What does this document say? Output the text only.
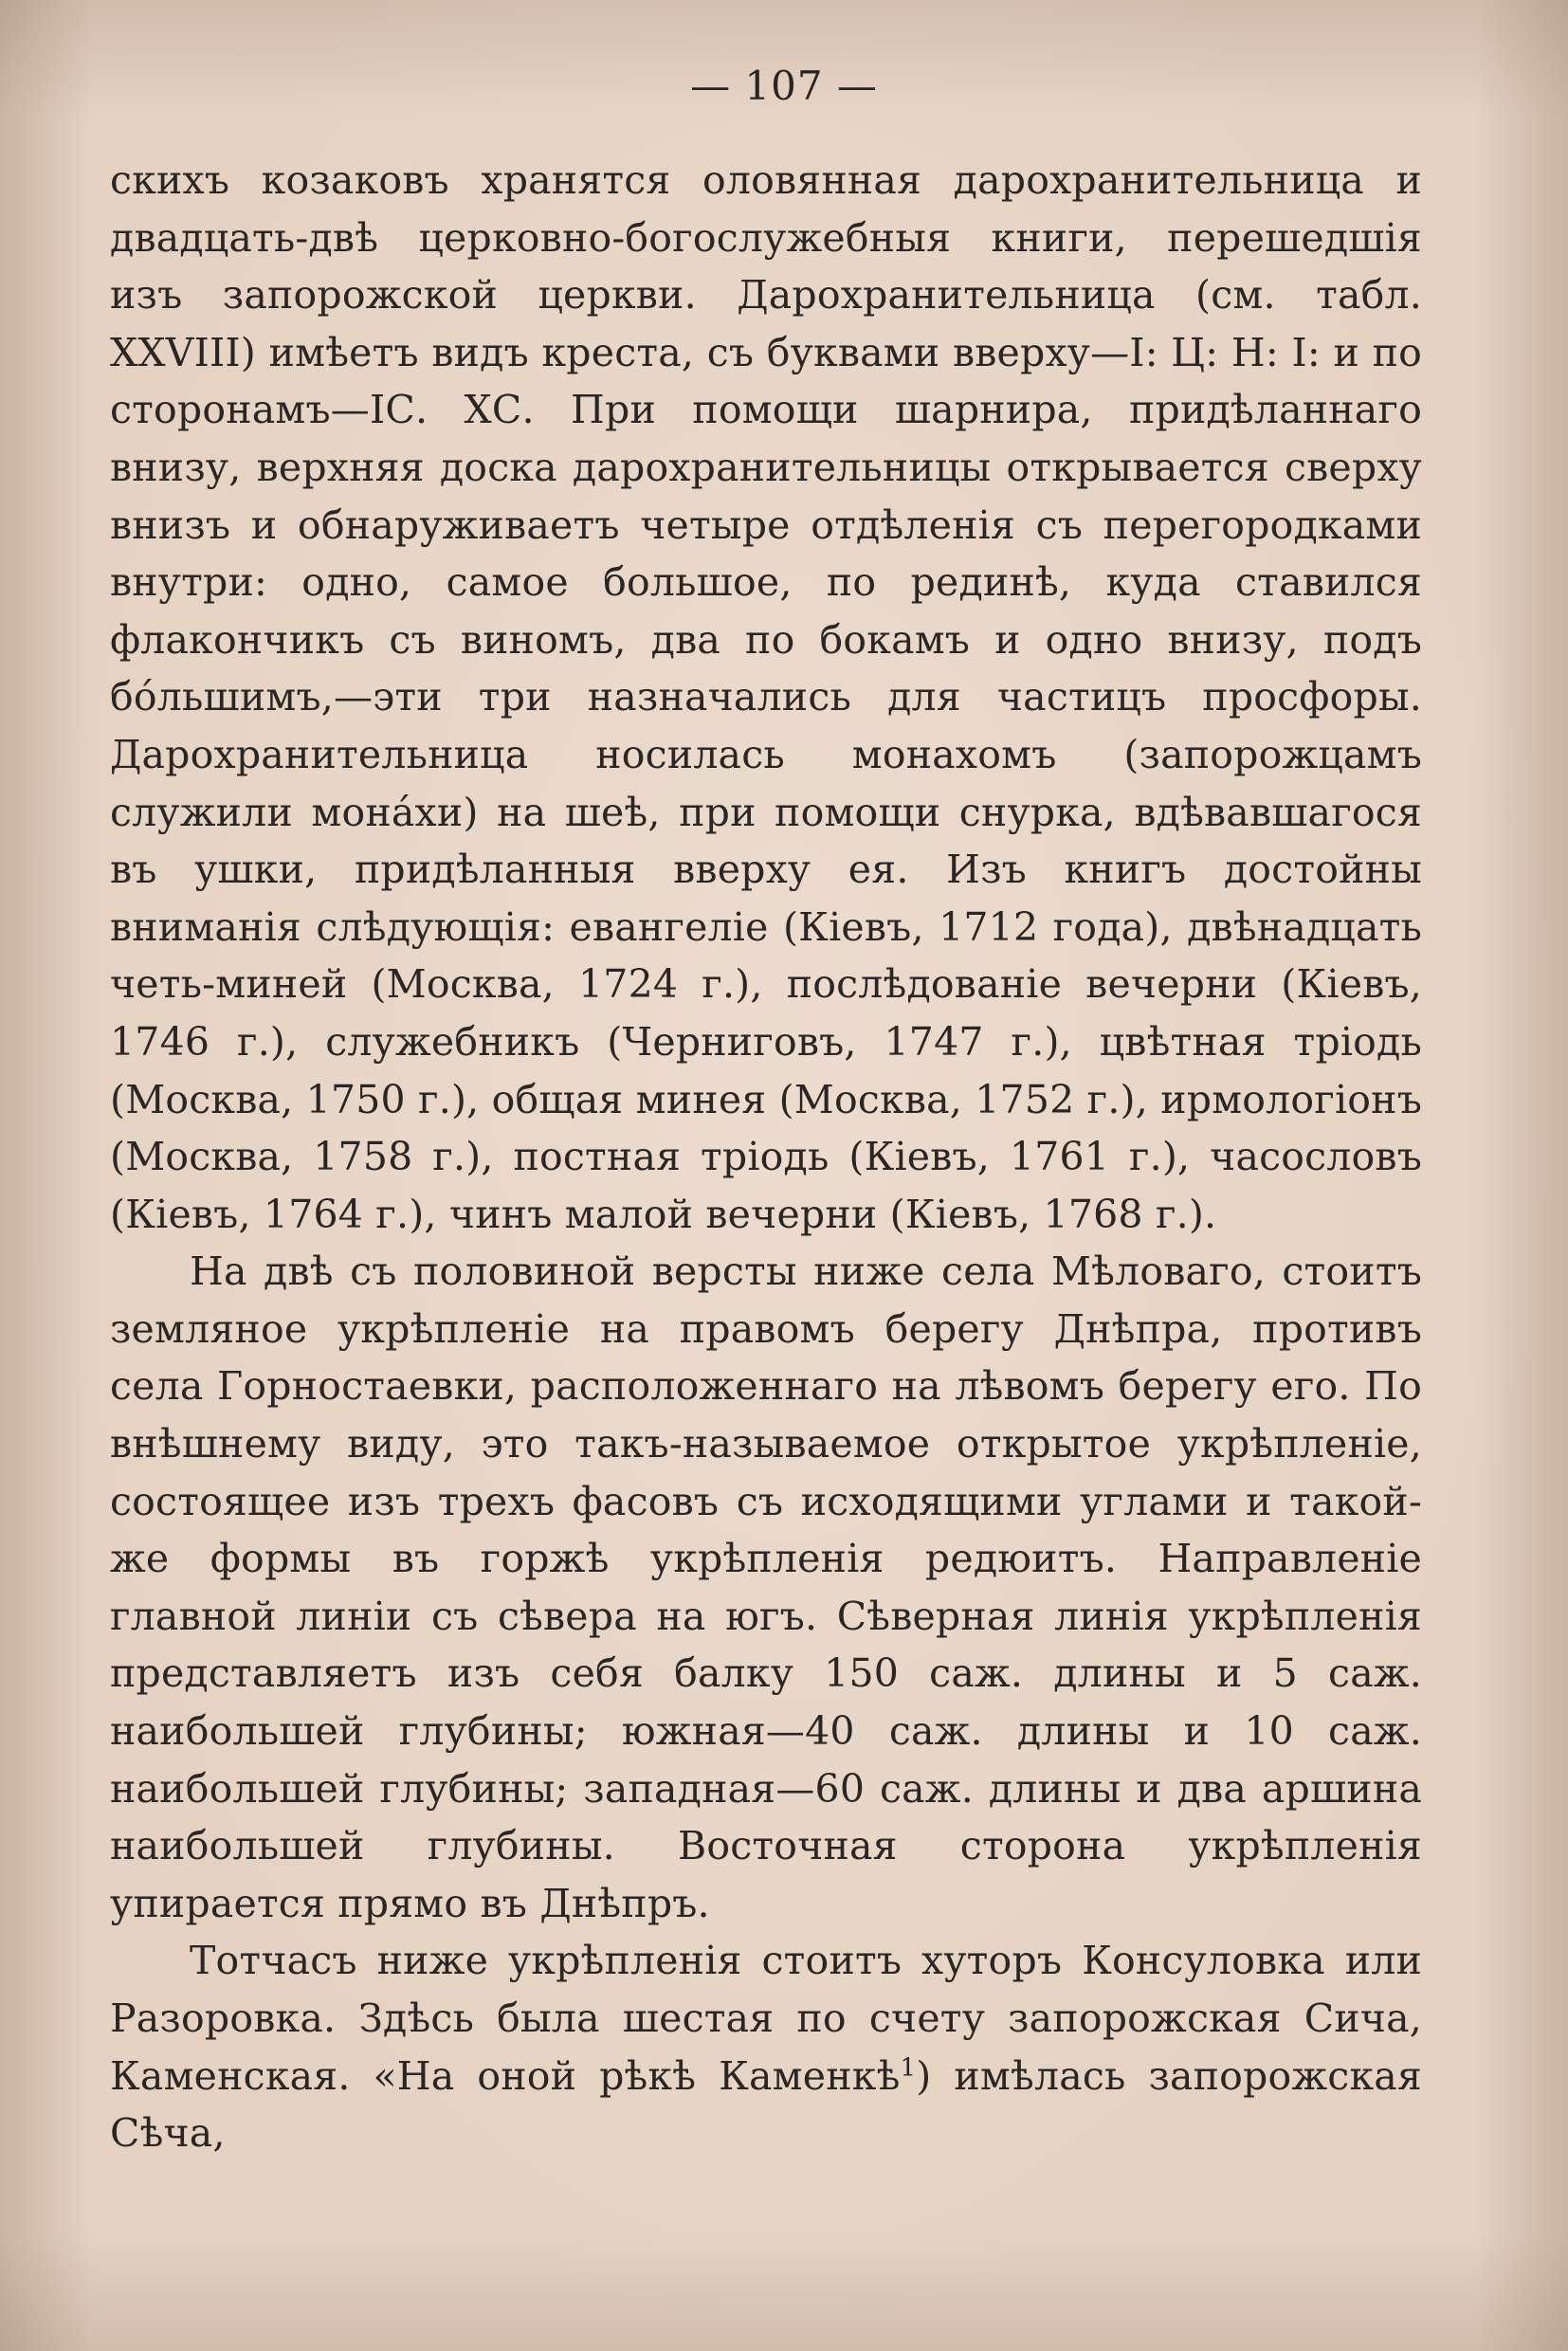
— 107 —

скихъ козаковъ хранятся оловянная дарохранительница и двадцать-двѣ церковно-богослужебныя книги, перешедшія изъ запорожской церкви. Дарохранительница (см. табл. XXVIII) имѣетъ видъ креста, съ буквами вверху—І: Ц: Н: І: и по сторонамъ—ІС. ХС. При помощи шарнира, придѣланнаго внизу, верхняя доска дарохранительницы открывается сверху внизъ и обнаруживаетъ четыре отдѣленія съ перегородками внутри: одно, самое большое, по рединѣ, куда ставился флакончикъ съ виномъ, два по бокамъ и одно внизу, подъ бóльшимъ,—эти три назначались для частицъ просфоры. Дарохранительница носилась монахомъ (запорожцамъ служили монáхи) на шеѣ, при помощи снурка, вдѣвавшагося въ ушки, придѣланныя вверху ея. Изъ книгъ достойны вниманія слѣдующія: евангеліе (Кіевъ, 1712 года), двѣнадцать четь-миней (Москва, 1724 г.), послѣдованіе вечерни (Кіевъ, 1746 г.), служебникъ (Черниговъ, 1747 г.), цвѣтная тріодь (Москва, 1750 г.), общая минея (Москва, 1752 г.), ирмологіонъ (Москва, 1758 г.), постная тріодь (Кіевъ, 1761 г.), часословъ (Кіевъ, 1764 г.), чинъ малой вечерни (Кіевъ, 1768 г.).

На двѣ съ половиной версты ниже села Мѣловаго, стоитъ земляное укрѣпленіе на правомъ берегу Днѣпра, противъ села Горностаевки, расположеннаго на лѣвомъ берегу его. По внѣшнему виду, это такъ-называемое открытое укрѣпленіе, состоящее изъ трехъ фасовъ съ исходящими углами и такой-же формы въ горжѣ укрѣпленія редюитъ. Направленіе главной линіи съ сѣвера на югъ. Сѣверная линія укрѣпленія представляетъ изъ себя балку 150 саж. длины и 5 саж. наибольшей глубины; южная—40 саж. длины и 10 саж. наибольшей глубины; западная—60 саж. длины и два аршина наибольшей глубины. Восточная сторона укрѣпленія упирается прямо въ Днѣпръ.

Тотчасъ ниже укрѣпленія стоитъ хуторъ Консуловка или Разоровка. Здѣсь была шестая по счету запорожская Сича, Каменская. «На оной рѣкѣ Каменкѣ$^1$) имѣлась запорожская Сѣча,
